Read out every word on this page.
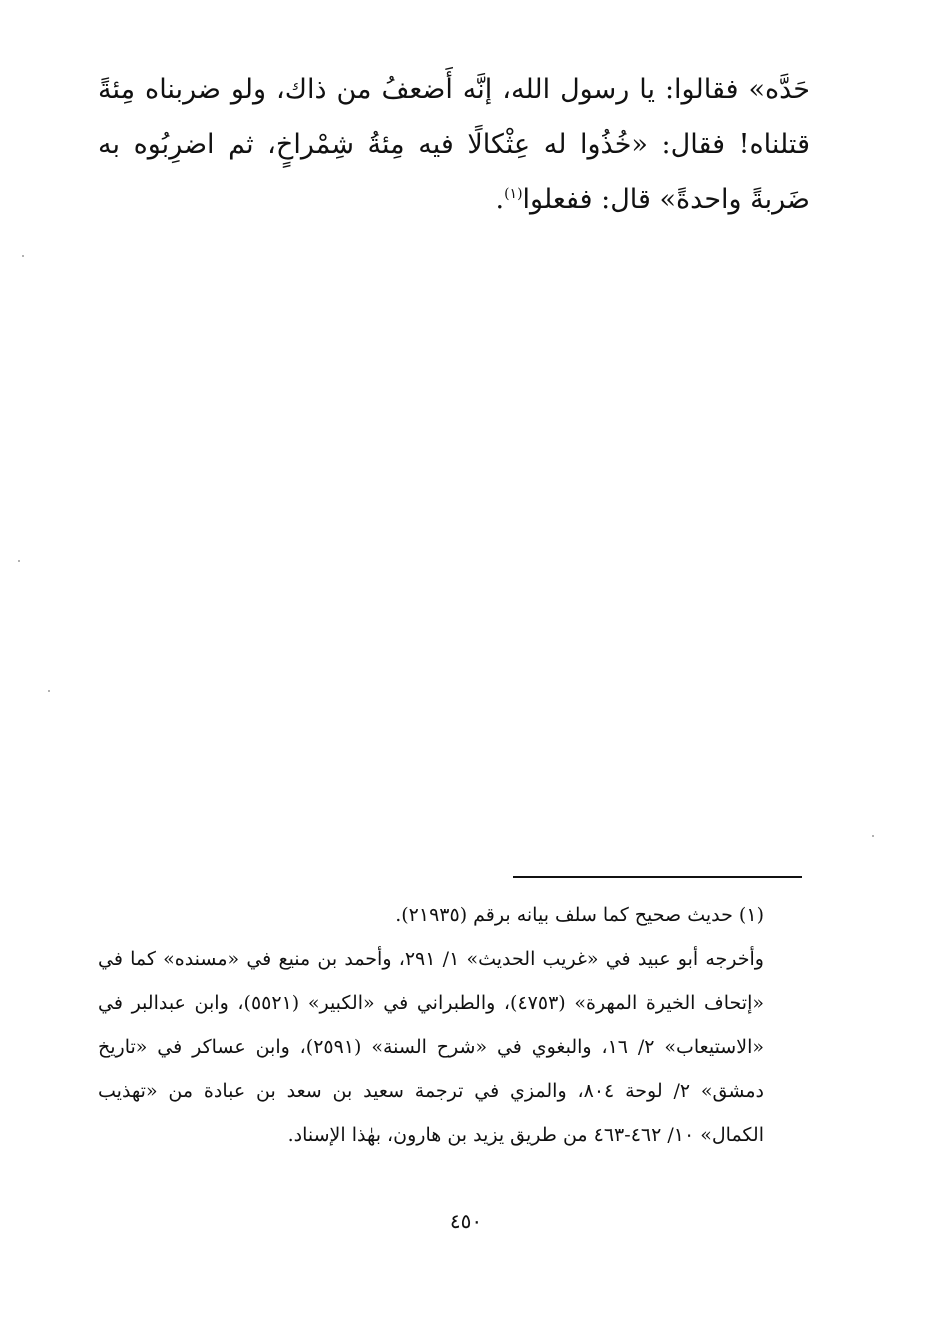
حَدَّه» فقالوا: يا رسول الله، إنَّه أَضعفُ من ذاك، ولو ضربناه مِئةً قتلناه! فقال: «خُذُوا له عِثْكالًا فيه مِئةُ شِمْراخٍ، ثم اضرِبُوه به ضَربةً واحدةً» قال: ففعلوا$^{(١)}$.

(١) حديث صحيح كما سلف بيانه برقم (٢١٩٣٥).

وأخرجه أبو عبيد في «غريب الحديث» ١/ ٢٩١، وأحمد بن منيع في «مسنده» كما في «إتحاف الخيرة المهرة» (٤٧٥٣)، والطبراني في «الكبير» (٥٥٢١)، وابن عبدالبر في «الاستيعاب» ٢/ ١٦، والبغوي في «شرح السنة» (٢٥٩١)، وابن عساكر في «تاريخ دمشق» ٢/ لوحة ٨٠٤، والمزي في ترجمة سعيد بن سعد بن عبادة من «تهذيب الكمال» ١٠/ ٤٦٢-٤٦٣ من طريق يزيد بن هارون، بهٰذا الإسناد.

٤٥٠
